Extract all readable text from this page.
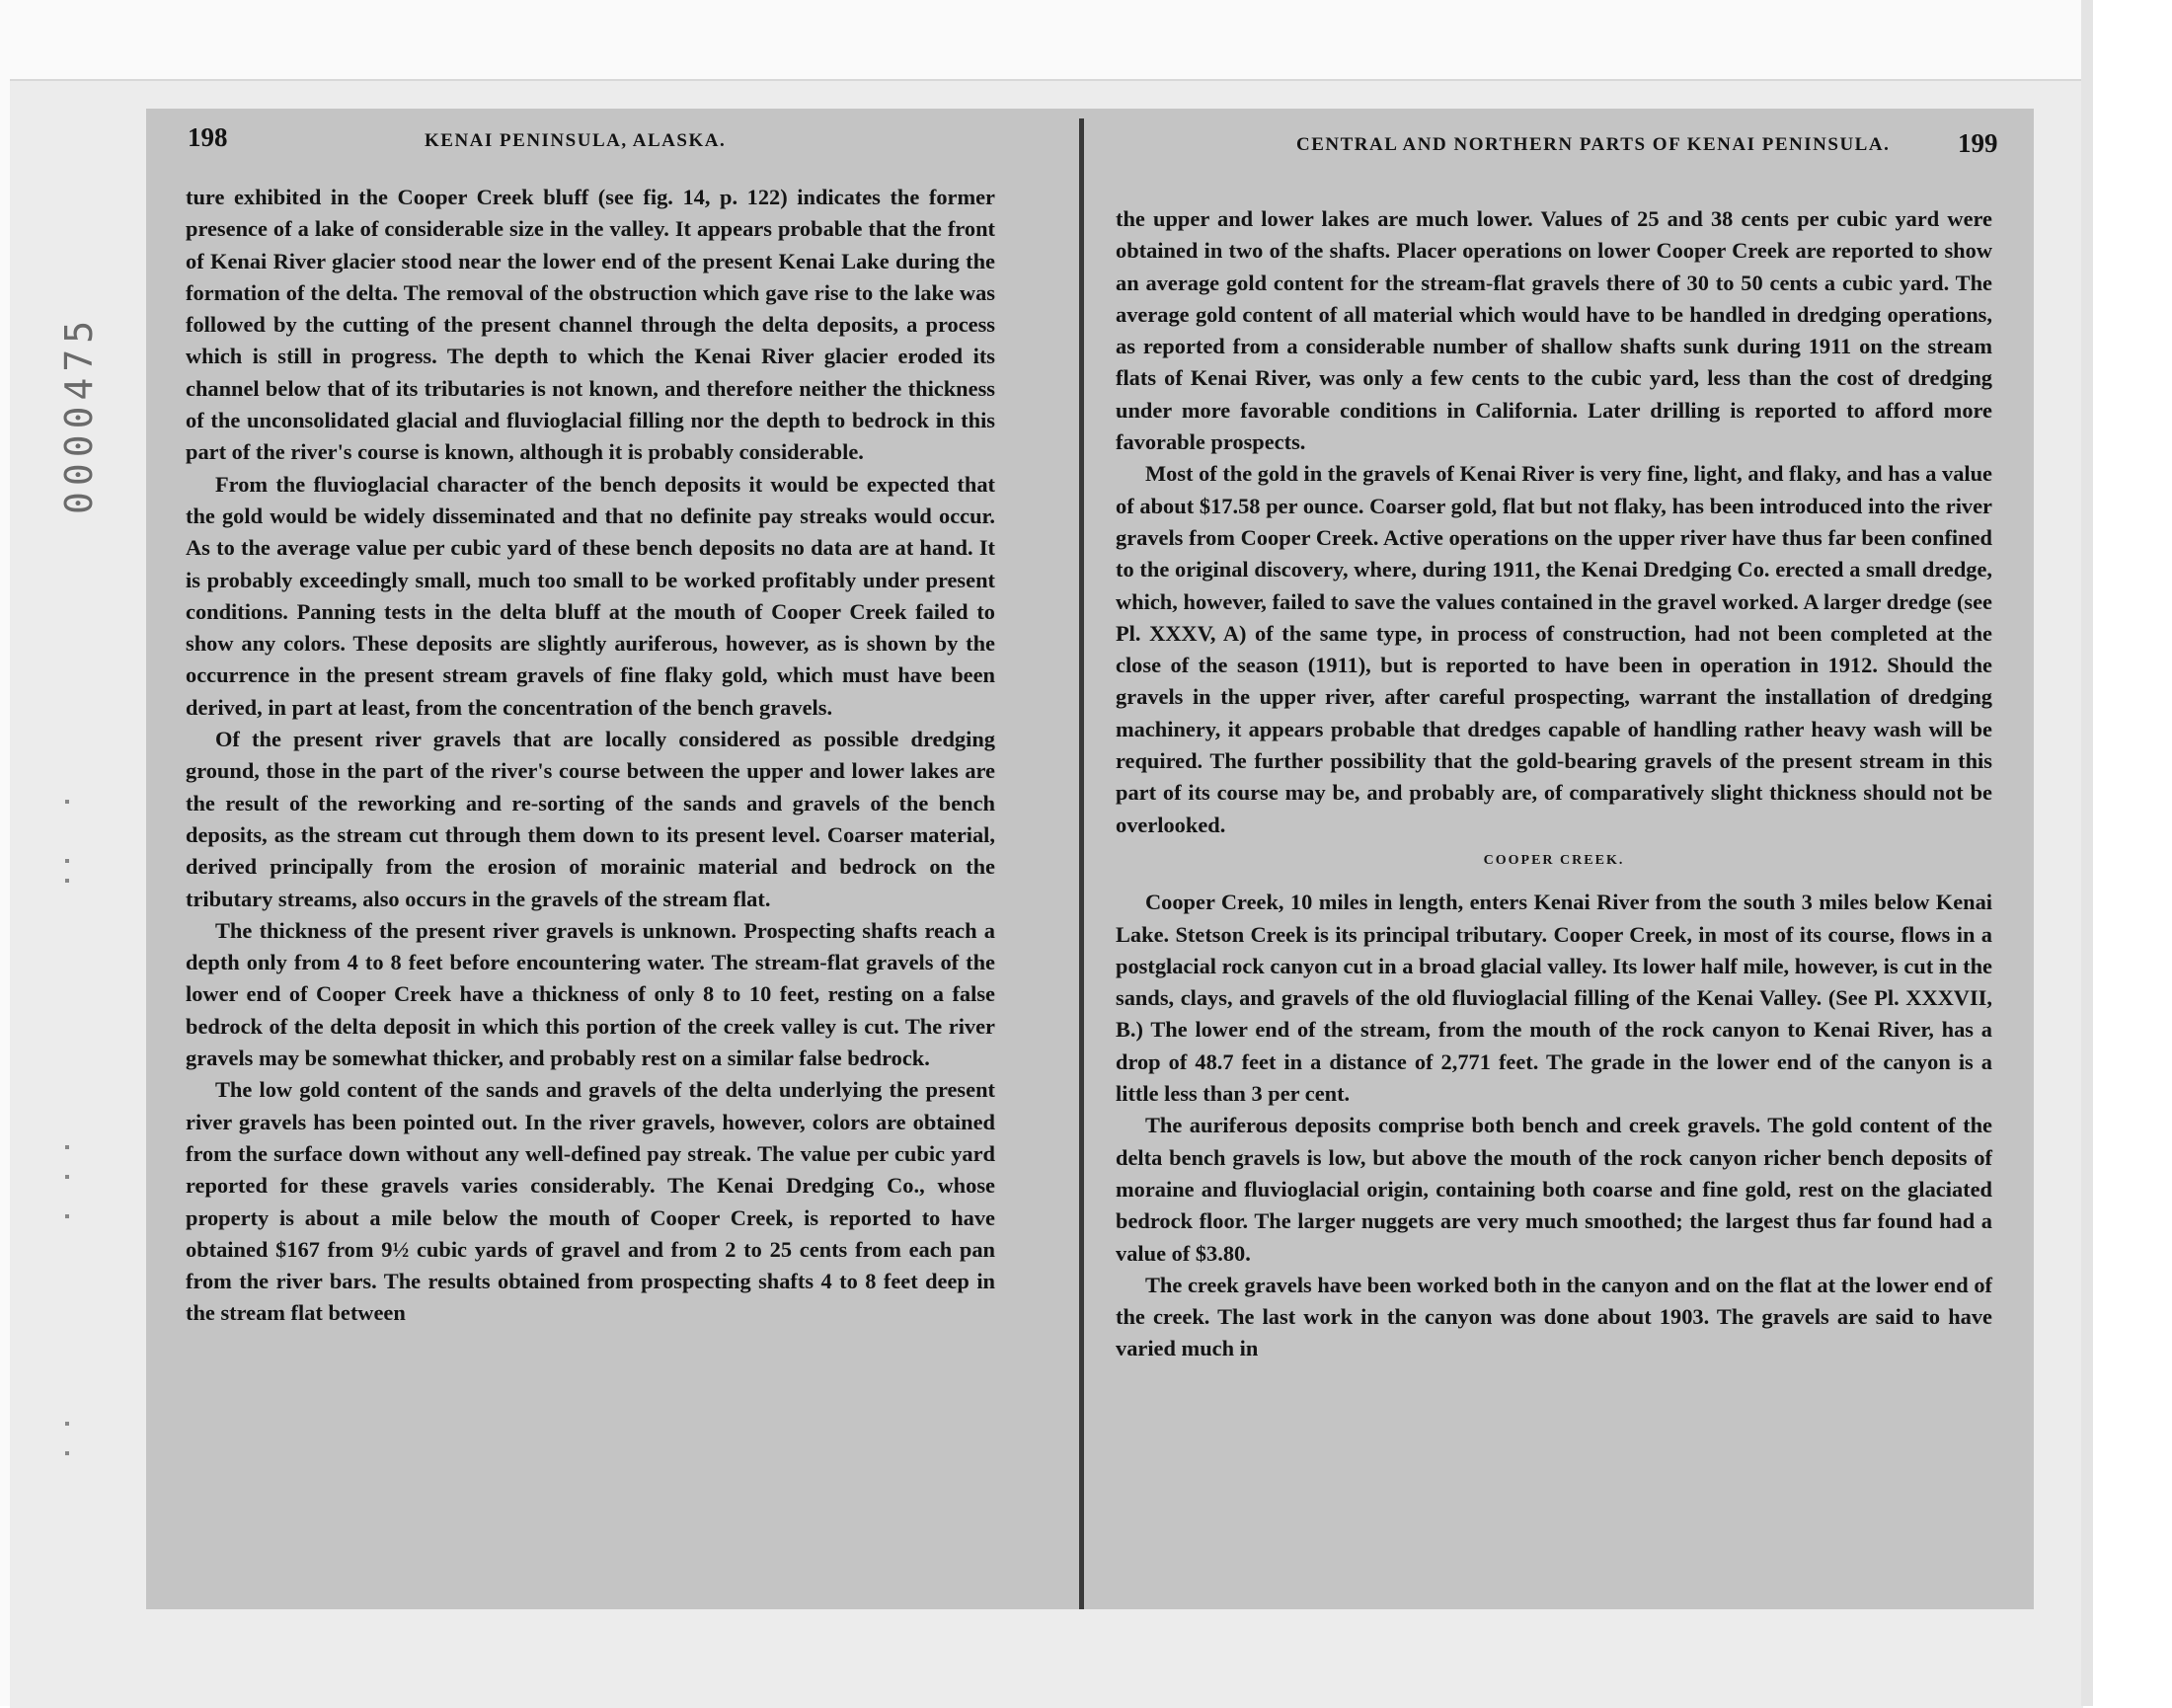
0000475
198	KENAI PENINSULA, ALASKA.

ture exhibited in the Cooper Creek bluff (see fig. 14, p. 122) indicates the former presence of a lake of considerable size in the valley. It appears probable that the front of Kenai River glacier stood near the lower end of the present Kenai Lake during the formation of the delta. The removal of the obstruction which gave rise to the lake was followed by the cutting of the present channel through the delta deposits, a process which is still in progress. The depth to which the Kenai River glacier eroded its channel below that of its tributaries is not known, and therefore neither the thickness of the unconsolidated glacial and fluvioglacial filling nor the depth to bedrock in this part of the river's course is known, although it is probably considerable.

From the fluvioglacial character of the bench deposits it would be expected that the gold would be widely disseminated and that no definite pay streaks would occur. As to the average value per cubic yard of these bench deposits no data are at hand. It is probably exceedingly small, much too small to be worked profitably under present conditions. Panning tests in the delta bluff at the mouth of Cooper Creek failed to show any colors. These deposits are slightly auriferous, however, as is shown by the occurrence in the present stream gravels of fine flaky gold, which must have been derived, in part at least, from the concentration of the bench gravels.

Of the present river gravels that are locally considered as possible dredging ground, those in the part of the river's course between the upper and lower lakes are the result of the reworking and re-sorting of the sands and gravels of the bench deposits, as the stream cut through them down to its present level. Coarser material, derived principally from the erosion of morainic material and bedrock on the tributary streams, also occurs in the gravels of the stream flat.

The thickness of the present river gravels is unknown. Prospecting shafts reach a depth only from 4 to 8 feet before encountering water. The stream-flat gravels of the lower end of Cooper Creek have a thickness of only 8 to 10 feet, resting on a false bedrock of the delta deposit in which this portion of the creek valley is cut. The river gravels may be somewhat thicker, and probably rest on a similar false bedrock.

The low gold content of the sands and gravels of the delta underlying the present river gravels has been pointed out. In the river gravels, however, colors are obtained from the surface down without any well-defined pay streak. The value per cubic yard reported for these gravels varies considerably. The Kenai Dredging Co., whose property is about a mile below the mouth of Cooper Creek, is reported to have obtained $167 from 9½ cubic yards of gravel and from 2 to 25 cents from each pan from the river bars. The results obtained from prospecting shafts 4 to 8 feet deep in the stream flat between

CENTRAL AND NORTHERN PARTS OF KENAI PENINSULA.	199

the upper and lower lakes are much lower. Values of 25 and 38 cents per cubic yard were obtained in two of the shafts. Placer operations on lower Cooper Creek are reported to show an average gold content for the stream-flat gravels there of 30 to 50 cents a cubic yard. The average gold content of all material which would have to be handled in dredging operations, as reported from a considerable number of shallow shafts sunk during 1911 on the stream flats of Kenai River, was only a few cents to the cubic yard, less than the cost of dredging under more favorable conditions in California. Later drilling is reported to afford more favorable prospects.

Most of the gold in the gravels of Kenai River is very fine, light, and flaky, and has a value of about $17.58 per ounce. Coarser gold, flat but not flaky, has been introduced into the river gravels from Cooper Creek. Active operations on the upper river have thus far been confined to the original discovery, where, during 1911, the Kenai Dredging Co. erected a small dredge, which, however, failed to save the values contained in the gravel worked. A larger dredge (see Pl. XXXV, A) of the same type, in process of construction, had not been completed at the close of the season (1911), but is reported to have been in operation in 1912. Should the gravels in the upper river, after careful prospecting, warrant the installation of dredging machinery, it appears probable that dredges capable of handling rather heavy wash will be required. The further possibility that the gold-bearing gravels of the present stream in this part of its course may be, and probably are, of comparatively slight thickness should not be overlooked.

COOPER CREEK.

Cooper Creek, 10 miles in length, enters Kenai River from the south 3 miles below Kenai Lake. Stetson Creek is its principal tributary. Cooper Creek, in most of its course, flows in a postglacial rock canyon cut in a broad glacial valley. Its lower half mile, however, is cut in the sands, clays, and gravels of the old fluvioglacial filling of the Kenai Valley. (See Pl. XXXVII, B.) The lower end of the stream, from the mouth of the rock canyon to Kenai River, has a drop of 48.7 feet in a distance of 2,771 feet. The grade in the lower end of the canyon is a little less than 3 per cent.

The auriferous deposits comprise both bench and creek gravels. The gold content of the delta bench gravels is low, but above the mouth of the rock canyon richer bench deposits of moraine and fluvioglacial origin, containing both coarse and fine gold, rest on the glaciated bedrock floor. The larger nuggets are very much smoothed; the largest thus far found had a value of $3.80.

The creek gravels have been worked both in the canyon and on the flat at the lower end of the creek. The last work in the canyon was done about 1903. The gravels are said to have varied much in
